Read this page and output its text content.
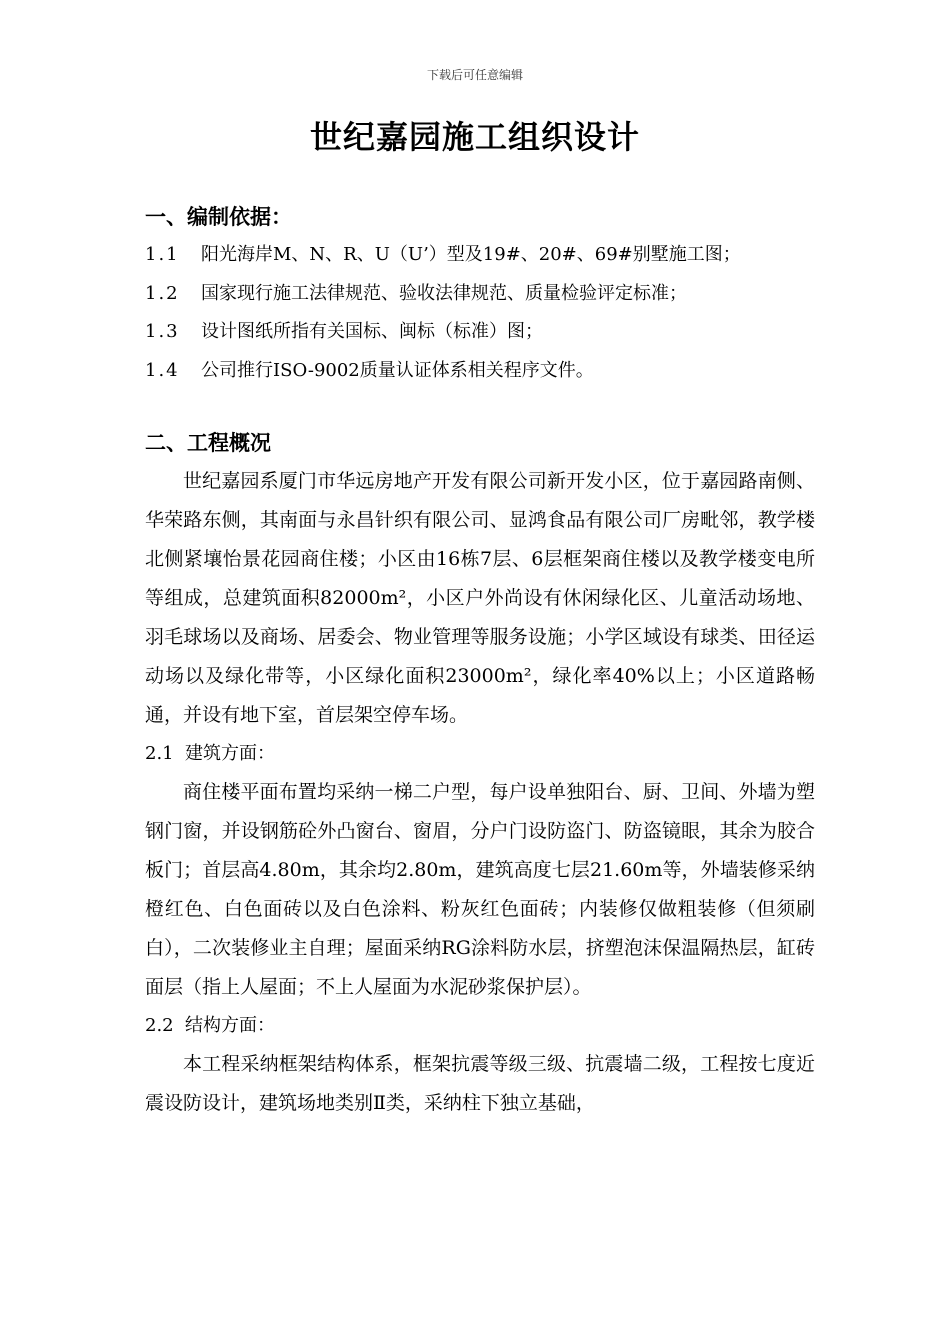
下载后可任意编辑
世纪嘉园施工组织设计
一、编制依据：
1.1 阳光海岸M、N、R、U（U’）型及19#、20#、69#别墅施工图；
1.2 国家现行施工法律规范、验收法律规范、质量检验评定标准；
1.3 设计图纸所指有关国标、闽标（标准）图；
1.4 公司推行ISO-9002质量认证体系相关程序文件。
二、工程概况

世纪嘉园系厦门市华远房地产开发有限公司新开发小区，位于嘉园路南侧、华荣路东侧，其南面与永昌针织有限公司、显鸿食品有限公司厂房毗邻，教学楼北侧紧壤怡景花园商住楼；小区由16栋7层、6层框架商住楼以及教学楼变电所等组成，总建筑面积82000m²，小区户外尚设有休闲绿化区、儿童活动场地、羽毛球场以及商场、居委会、物业管理等服务设施；小学区域设有球类、田径运动场以及绿化带等，小区绿化面积23000m²，绿化率40%以上；小区道路畅通，并设有地下室，首层架空停车场。

2.1 建筑方面：

商住楼平面布置均采纳一梯二户型，每户设单独阳台、厨、卫间、外墙为塑钢门窗，并设钢筋砼外凸窗台、窗眉，分户门设防盗门、防盗镜眼，其余为胶合板门；首层高4.80m，其余均2.80m，建筑高度七层21.60m等，外墙装修采纳橙红色、白色面砖以及白色涂料、粉灰红色面砖；内装修仅做粗装修（但须刷白），二次装修业主自理；屋面采纳RG涂料防水层，挤塑泡沫保温隔热层，缸砖面层（指上人屋面；不上人屋面为水泥砂浆保护层）。

2.2 结构方面：

本工程采纳框架结构体系，框架抗震等级三级、抗震墙二级，工程按七度近震设防设计，建筑场地类别Ⅱ类，采纳柱下独立基础，
